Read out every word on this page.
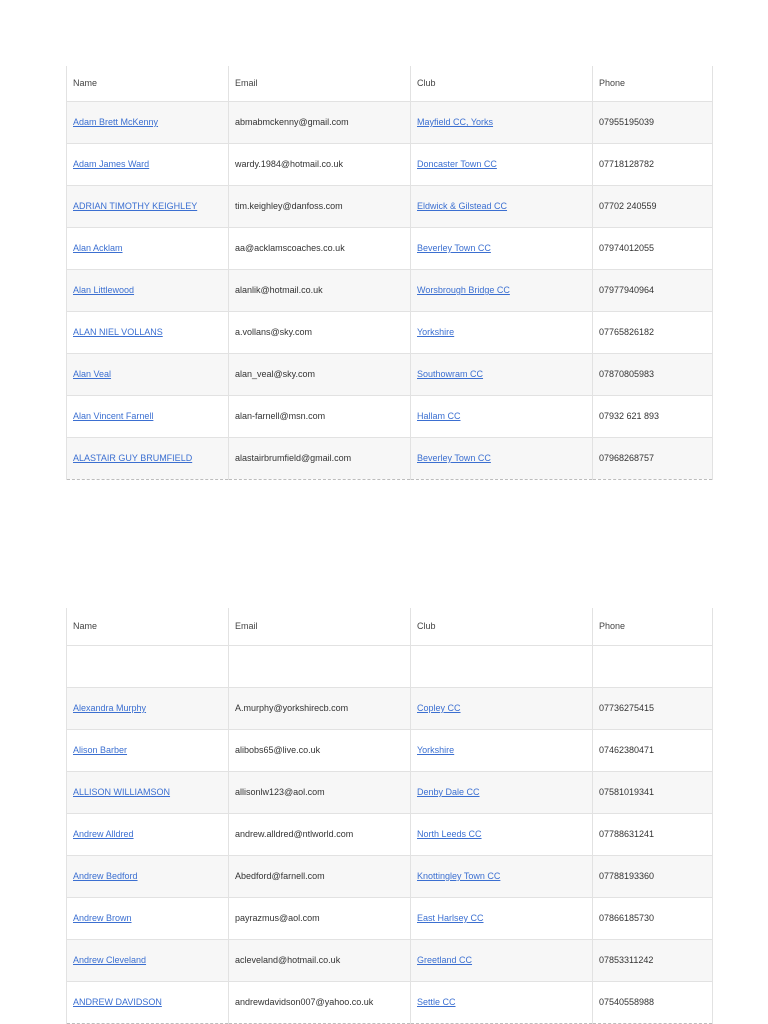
Name	Email	Club	Phone
Adam Brett McKenny	abmabmckenny@gmail.com	Mayfield CC, Yorks	07955195039
Adam James Ward	wardy.1984@hotmail.co.uk	Doncaster Town CC	07718128782
ADRIAN TIMOTHY KEIGHLEY	tim.keighley@danfoss.com	Eldwick & Gilstead CC	07702 240559
Alan Acklam	aa@acklamscoaches.co.uk	Beverley Town CC	07974012055
Alan Littlewood	alanlik@hotmail.co.uk	Worsbrough Bridge CC	07977940964
ALAN NIEL VOLLANS	a.vollans@sky.com	Yorkshire	07765826182
Alan Veal	alan_veal@sky.com	Southowram CC	07870805983
Alan Vincent Farnell	alan-farnell@msn.com	Hallam CC	07932 621 893
ALASTAIR GUY BRUMFIELD	alastairbrumfield@gmail.com	Beverley Town CC	07968268757
Name	Email	Club	Phone

Alexandra Murphy	A.murphy@yorkshirecb.com	Copley CC	07736275415
Alison Barber	alibobs65@live.co.uk	Yorkshire	07462380471
ALLISON WILLIAMSON	allisonlw123@aol.com	Denby Dale CC	07581019341
Andrew Alldred	andrew.alldred@ntlworld.com	North Leeds CC	07788631241
Andrew Bedford	Abedford@farnell.com	Knottingley Town CC	07788193360
Andrew Brown	payrazmus@aol.com	East Harlsey CC	07866185730
Andrew Cleveland	acleveland@hotmail.co.uk	Greetland CC	07853311242
ANDREW DAVIDSON	andrewdavidson007@yahoo.co.uk	Settle CC	07540558988
